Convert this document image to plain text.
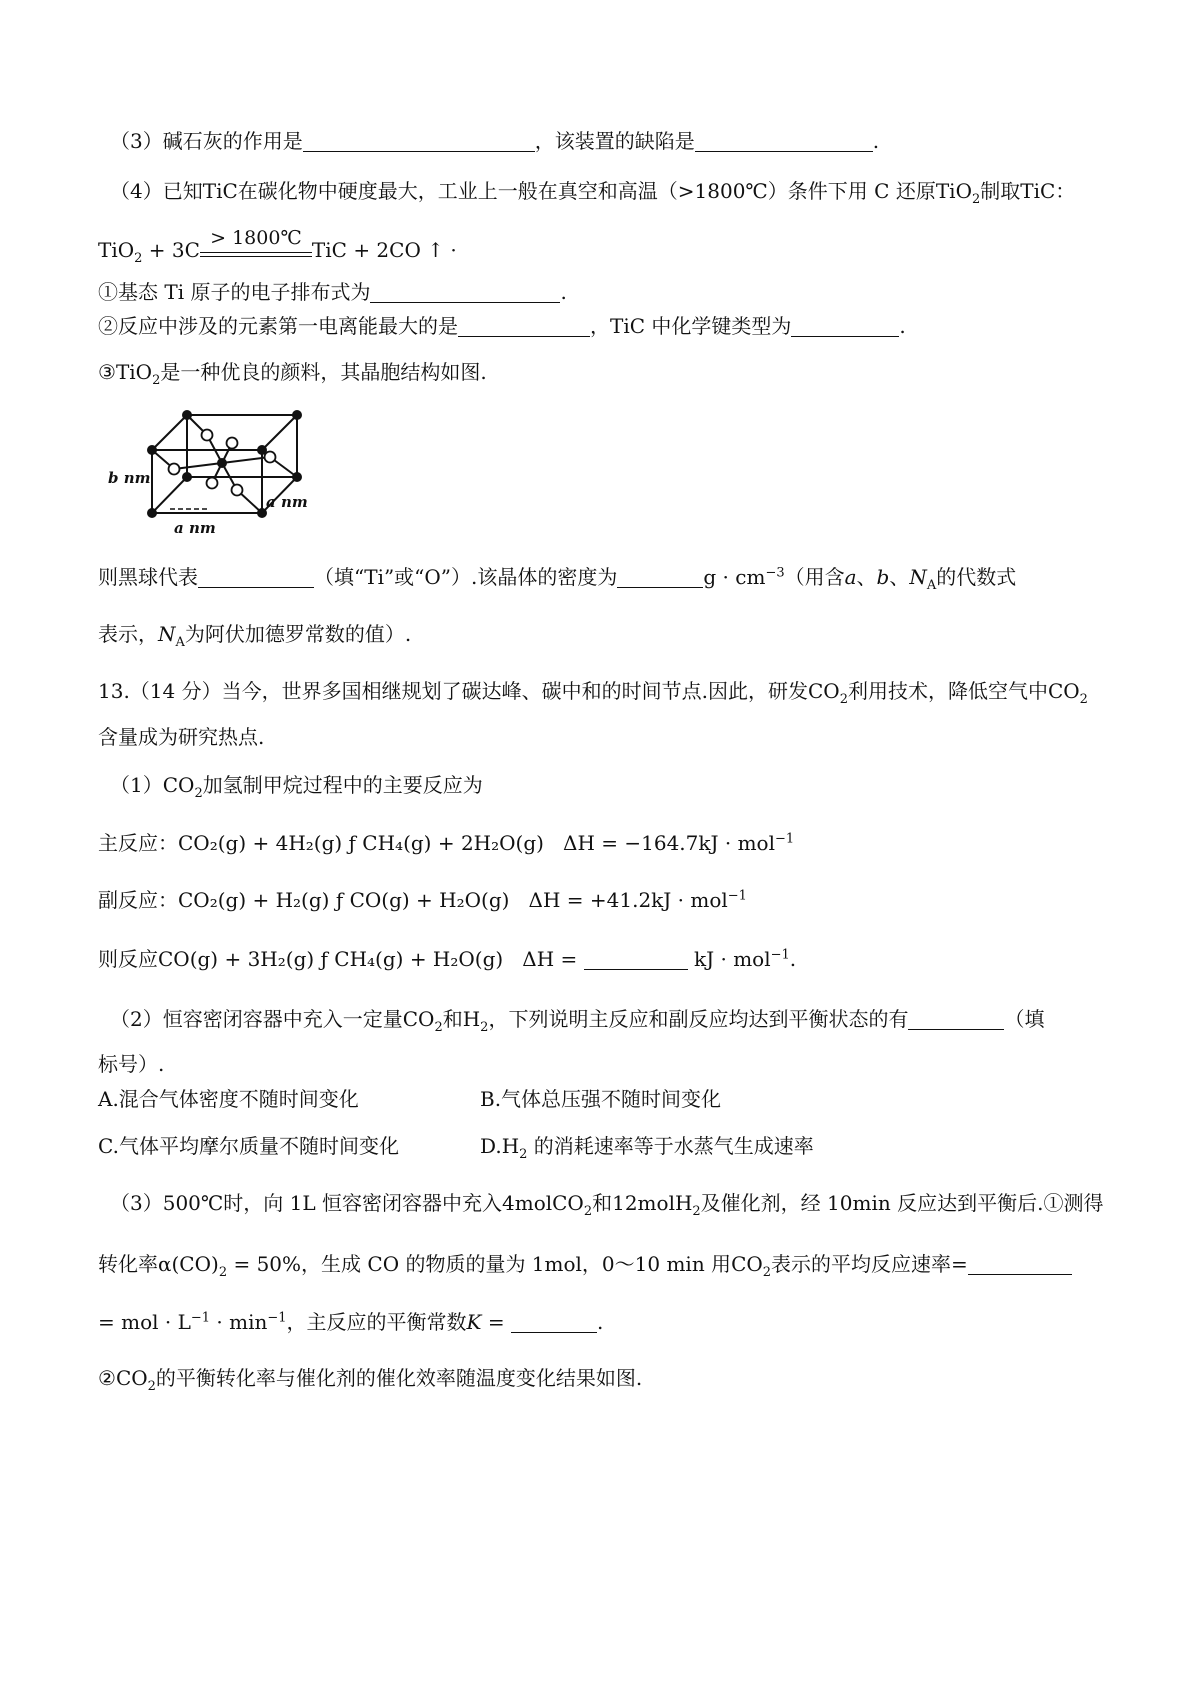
（3）碱石灰的作用是	，该装置的缺陷是	.
（4）已知TiC在碳化物中硬度最大，工业上一般在真空和高温（>1800℃）条件下用 C 还原TiO$_2$制取TiC：
TiO$_2$ + 3C > 1800℃ TiC + 2CO ↑ ·
①基态 Ti 原子的电子排布式为	.
②反应中涉及的元素第一电离能最大的是	，TiC 中化学键类型为	.
③TiO$_2$是一种优良的颜料，其晶胞结构如图.
b nm
a nm
a nm
则黑球代表	（填“Ti”或“O”）.该晶体的密度为	$g \cdot cm^{-3}$（用含a、b、$N_A$的代数式
表示，$N_A$为阿伏加德罗常数的值）.
13.（14 分）当今，世界多国相继规划了碳达峰、碳中和的时间节点.因此，研发$CO_2$利用技术，降低空气中$CO_2$
含量成为研究热点.
$(1)CO_2$加氢制甲烷过程中的主要反应为
主反应：CO₂(g) + 4H₂(g) ƒ CH₄(g) + 2H₂O(g) ΔH = −164.7kJ · mol$^{-1}$
副反应：CO₂(g) + H₂(g) ƒ CO(g) + H₂O(g) ΔH = +41.2kJ · mol$^{-1}$
则反应CO(g) + 3H₂(g) ƒ CH₄(g) + H₂O(g) ΔH =	kJ · mol$^{-1}$.
（2）恒容密闭容器中充入一定量$CO_2$和$H_2$，下列说明主反应和副反应均达到平衡状态的有	（填
标号）.
A.混合气体密度不随时间变化	B.气体总压强不随时间变化
C.气体平均摩尔质量不随时间变化	$D.H_2$ 的消耗速率等于水蒸气生成速率
（3）500℃时，向 1L 恒容密闭容器中充入4molCO$_2$和12molH$_2$及催化剂，经 10min 反应达到平衡后.①测得
转化率$\alpha(CO)_2 = 50\%$，生成 CO 的物质的量为 1mol，0～10 min 用$CO_2$表示的平均反应速率=
= mol · $L^{-1} \cdot \min^{-1}$，主反应的平衡常数K =	.
$②CO_2$的平衡转化率与催化剂的催化效率随温度变化结果如图.
